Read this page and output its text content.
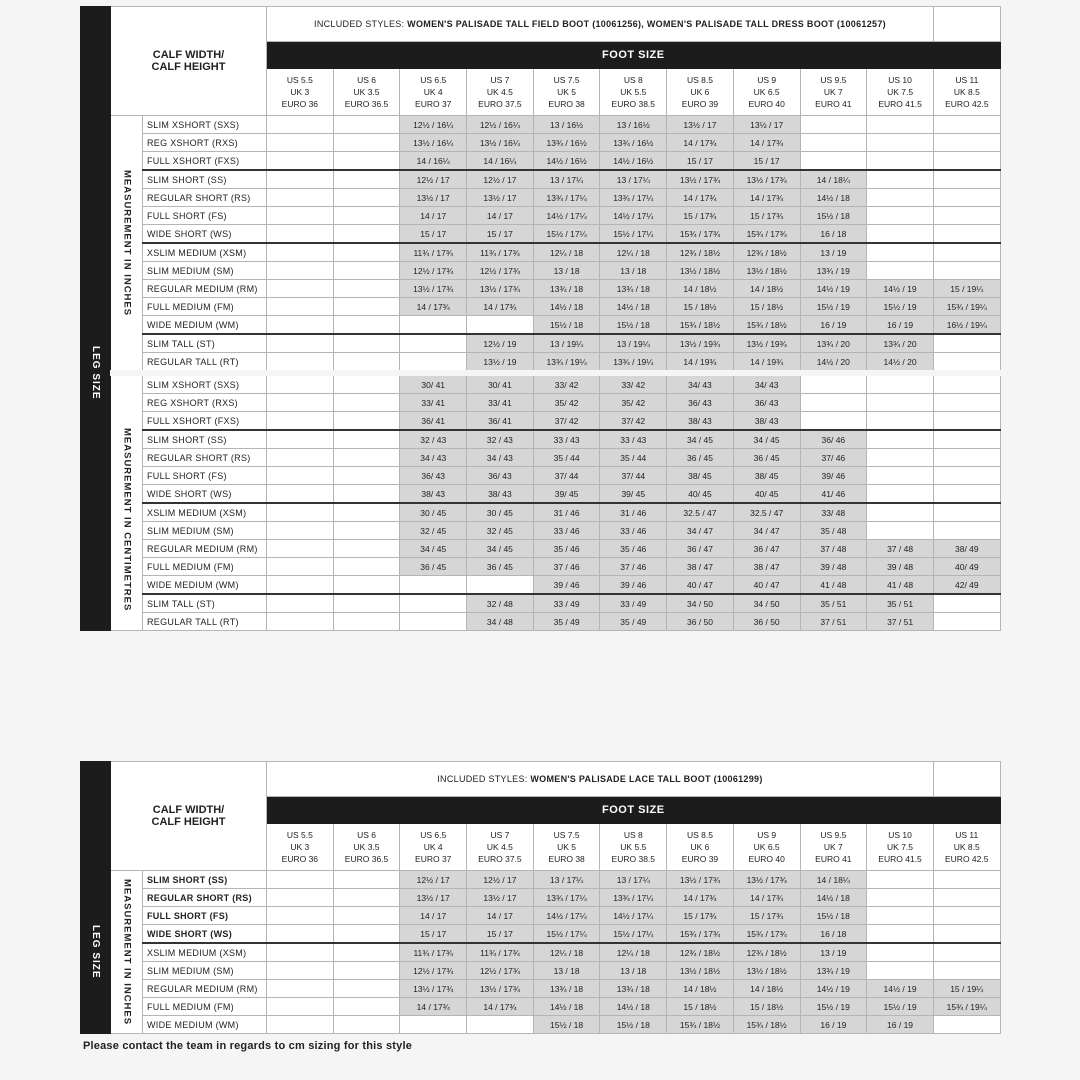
	CALF WIDTH/ CALF HEIGHT		INCLUDED STYLES: WOMEN'S PALISADE TALL FIELD BOOT (10061256), WOMEN'S PALISADE TALL DRESS BOOT (10061257)										
			FOOT SIZE										

			US 5.5
UK 3
EURO 36	US 6
UK 3.5
EURO 36.5	US 6.5
UK 4
EURO 37	US 7
UK 4.5
EURO 37.5	US 7.5
UK 5
EURO 38	US 8
UK 5.5
EURO 38.5	US 8.5
UK 6
EURO 39	US 9
UK 6.5
EURO 40	US 9.5
UK 7
EURO 41	US 10
UK 7.5
EURO 41.5	US 11
UK 8.5
EURO 42.5

LEG SIZE	MEASUREMENT IN INCHES	SLIM XSHORT (SXS)			12½ / 16¼	12½ / 16¼	13 / 16½	13 / 16½	13½ / 17	13½ / 17			
		REG XSHORT (RXS)			13½ / 16¼	13½ / 16¼	13¾ / 16½	13¾ / 16½	14 / 17¾	14 / 17¾			
		FULL XSHORT (FXS)			14 / 16¼	14 / 16¼	14½ / 16½	14½ / 16½	15 / 17	15 / 17			
		SLIM SHORT (SS)			12½ / 17	12½ / 17	13 / 17¼	13 / 17¼	13½ / 17¾	13½ / 17¾	14 / 18¼		
		REGULAR SHORT (RS)			13½ / 17	13½ / 17	13¾ / 17¼	13¾ / 17¼	14 / 17¾	14 / 17¾	14½ / 18		
		FULL SHORT (FS)			14 / 17	14 / 17	14½ / 17¼	14½ / 17¼	15 / 17¾	15 / 17¾	15½ / 18		
		WIDE SHORT (WS)			15 / 17	15 / 17	15½ / 17¼	15½ / 17¼	15¾ / 17¾	15¾ / 17¾	16 / 18		
		XSLIM MEDIUM (XSM)			11¾ / 17¾	11¾ / 17¾	12¼ / 18	12¼ / 18	12¾ / 18½	12¾ / 18½	13 / 19		
		SLIM MEDIUM (SM)			12½ / 17¾	12½ / 17¾	13 / 18	13 / 18	13½ / 18½	13½ / 18½	13¾ / 19		
		REGULAR MEDIUM (RM)			13½ / 17¾	13½ / 17¾	13¾ / 18	13¾ / 18	14 / 18½	14 / 18½	14½ / 19	14½ / 19	15 / 19¼
		FULL MEDIUM (FM)			14 / 17¾	14 / 17¾	14½ / 18	14½ / 18	15 / 18½	15 / 18½	15½ / 19	15½ / 19	15¾ / 19¼
		WIDE MEDIUM (WM)					15½ / 18	15½ / 18	15¾ / 18½	15¾ / 18½	16 / 19	16 / 19	16½ / 19¼
		SLIM TALL (ST)				12½ / 19	13 / 19¼	13 / 19¼	13½ / 19¾	13½ / 19¾	13¾ / 20	13¾ / 20	
		REGULAR TALL (RT)				13½ / 19	13¾ / 19¼	13¾ / 19¼	14 / 19¾	14 / 19¾	14½ / 20	14½ / 20	

	MEASUREMENT IN CENTIMETRES	SLIM XSHORT (SXS)			30/ 41	30/ 41	33/ 42	33/ 42	34/ 43	34/ 43			
		REG XSHORT (RXS)			33/ 41	33/ 41	35/ 42	35/ 42	36/ 43	36/ 43			
		FULL XSHORT (FXS)			36/ 41	36/ 41	37/ 42	37/ 42	38/ 43	38/ 43			
		SLIM SHORT (SS)			32 / 43	32 / 43	33 / 43	33 / 43	34 / 45	34 / 45	36/ 46		
		REGULAR SHORT (RS)			34 / 43	34 / 43	35 / 44	35 / 44	36 / 45	36 / 45	37/ 46		
		FULL SHORT (FS)			36/ 43	36/ 43	37/ 44	37/ 44	38/ 45	38/ 45	39/ 46		
		WIDE SHORT (WS)			38/ 43	38/ 43	39/ 45	39/ 45	40/ 45	40/ 45	41/ 46		
		XSLIM MEDIUM (XSM)			30 / 45	30 / 45	31 / 46	31 / 46	32.5 / 47	32.5 / 47	33/ 48		
		SLIM MEDIUM (SM)			32 / 45	32 / 45	33 / 46	33 / 46	34 / 47	34 / 47	35 / 48		
		REGULAR MEDIUM (RM)			34 / 45	34 / 45	35 / 46	35 / 46	36 / 47	36 / 47	37 / 48	37 / 48	38/ 49
		FULL MEDIUM (FM)			36 / 45	36 / 45	37 / 46	37 / 46	38 / 47	38 / 47	39 / 48	39 / 48	40/ 49
		WIDE MEDIUM (WM)					39 / 46	39 / 46	40 / 47	40 / 47	41 / 48	41 / 48	42/ 49
		SLIM TALL (ST)				32 / 48	33 / 49	33 / 49	34 / 50	34 / 50	35 / 51	35 / 51	
		REGULAR TALL (RT)				34 / 48	35 / 49	35 / 49	36 / 50	36 / 50	37 / 51	37 / 51	
	CALF WIDTH/ CALF HEIGHT		INCLUDED STYLES: WOMEN'S PALISADE LACE TALL BOOT (10061299)										
			FOOT SIZE										

			US 5.5
UK 3
EURO 36	US 6
UK 3.5
EURO 36.5	US 6.5
UK 4
EURO 37	US 7
UK 4.5
EURO 37.5	US 7.5
UK 5
EURO 38	US 8
UK 5.5
EURO 38.5	US 8.5
UK 6
EURO 39	US 9
UK 6.5
EURO 40	US 9.5
UK 7
EURO 41	US 10
UK 7.5
EURO 41.5	US 11
UK 8.5
EURO 42.5

LEG SIZE	MEASUREMENT IN INCHES	SLIM SHORT (SS)			12½ / 17	12½ / 17	13 / 17¼	13 / 17¼	13½ / 17¾	13½ / 17¾	14 / 18¼		
		REGULAR SHORT (RS)			13½ / 17	13½ / 17	13¾ / 17¼	13¾ / 17¼	14 / 17¾	14 / 17¾	14½ / 18		
		FULL SHORT (FS)			14 / 17	14 / 17	14½ / 17¼	14½ / 17¼	15 / 17¾	15 / 17¾	15½ / 18		
		WIDE SHORT (WS)			15 / 17	15 / 17	15½ / 17¼	15½ / 17¼	15¾ / 17¾	15¾ / 17¾	16 / 18		
		XSLIM MEDIUM (XSM)			11¾ / 17¾	11¾ / 17¾	12¼ / 18	12¼ / 18	12¾ / 18½	12¾ / 18½	13 / 19		
		SLIM MEDIUM (SM)			12½ / 17¾	12½ / 17¾	13 / 18	13 / 18	13½ / 18½	13½ / 18½	13¾ / 19		
		REGULAR MEDIUM (RM)			13½ / 17¾	13½ / 17¾	13¾ / 18	13¾ / 18	14 / 18½	14 / 18½	14½ / 19	14½ / 19	15 / 19¼
		FULL MEDIUM (FM)			14 / 17¾	14 / 17¾	14½ / 18	14½ / 18	15 / 18½	15 / 18½	15½ / 19	15½ / 19	15¾ / 19¼
		WIDE MEDIUM (WM)					15½ / 18	15½ / 18	15¾ / 18½	15¾ / 18½	16 / 19	16 / 19	
Please contact the team in regards to cm sizing for this style
